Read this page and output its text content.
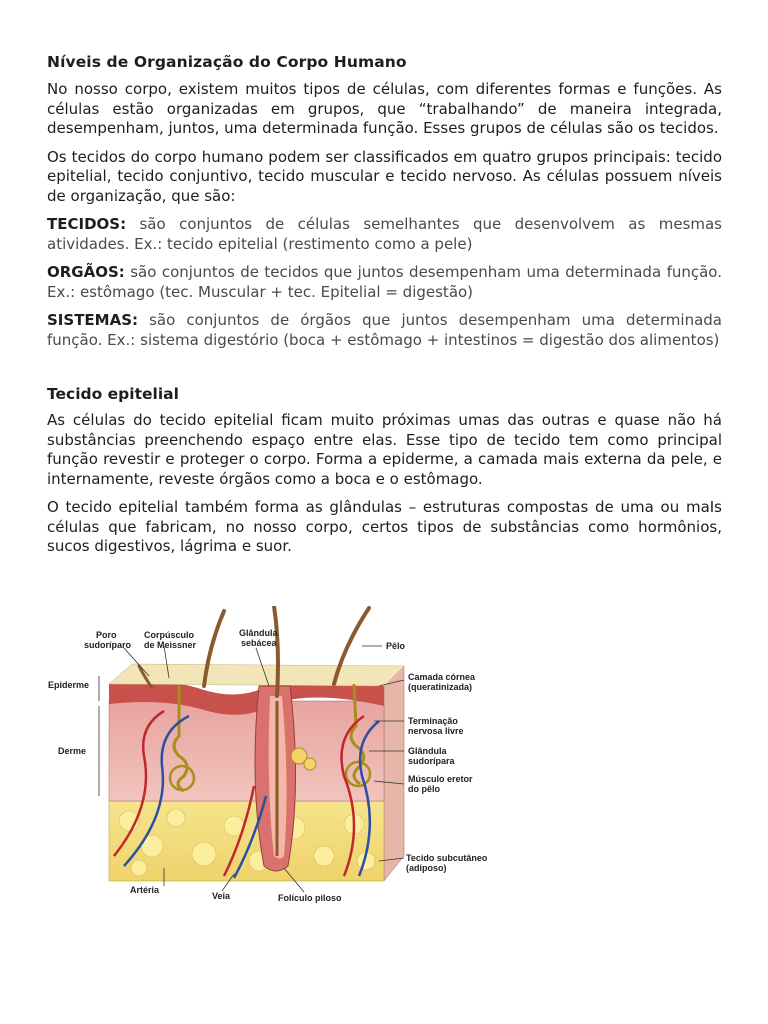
Níveis de Organização do Corpo Humano

No nosso corpo, existem muitos tipos de células, com diferentes formas e funções. As células estão organizadas em grupos, que “trabalhando” de maneira integrada, desempenham, juntos, uma determinada função. Esses grupos de células são os tecidos.

Os tecidos do corpo humano podem ser classificados em quatro grupos principais: tecido epitelial, tecido conjuntivo, tecido muscular e tecido nervoso. As células possuem níveis de organização, que são:

TECIDOS: são conjuntos de células semelhantes que desenvolvem as mesmas atividades. Ex.: tecido epitelial (restimento como a pele)

ORGÃOS: são conjuntos de tecidos que juntos desempenham uma determinada função. Ex.: estômago (tec. Muscular + tec. Epitelial = digestão)

SISTEMAS: são conjuntos de órgãos que juntos desempenham uma determinada função. Ex.: sistema digestório (boca + estômago + intestinos = digestão dos alimentos)

Tecido epitelial

As células do tecido epitelial ficam muito próximas umas das outras e quase não há substâncias preenchendo espaço entre elas. Esse tipo de tecido tem como principal função revestir e proteger o corpo. Forma a epiderme, a camada mais externa da pele, e internamente, reveste órgãos como a boca e o estômago.

O tecido epitelial também forma as glândulas – estruturas compostas de uma ou maIs células que fabricam, no nosso corpo, certos tipos de substâncias como hormônios, sucos digestivos, lágrima e suor.

Poro
sudoríparo
Corpúsculo
de Meissner
Glândula
sebácea	Pêlo
Epiderme
Derme
Camada córnea
(queratinizada)
Terminação
nervosa livre
Glândula
sudorípara
Músculo eretor
do pêlo
Tecido subcutâneo
(adiposo)
Artéria
Veia	Folículo piloso
